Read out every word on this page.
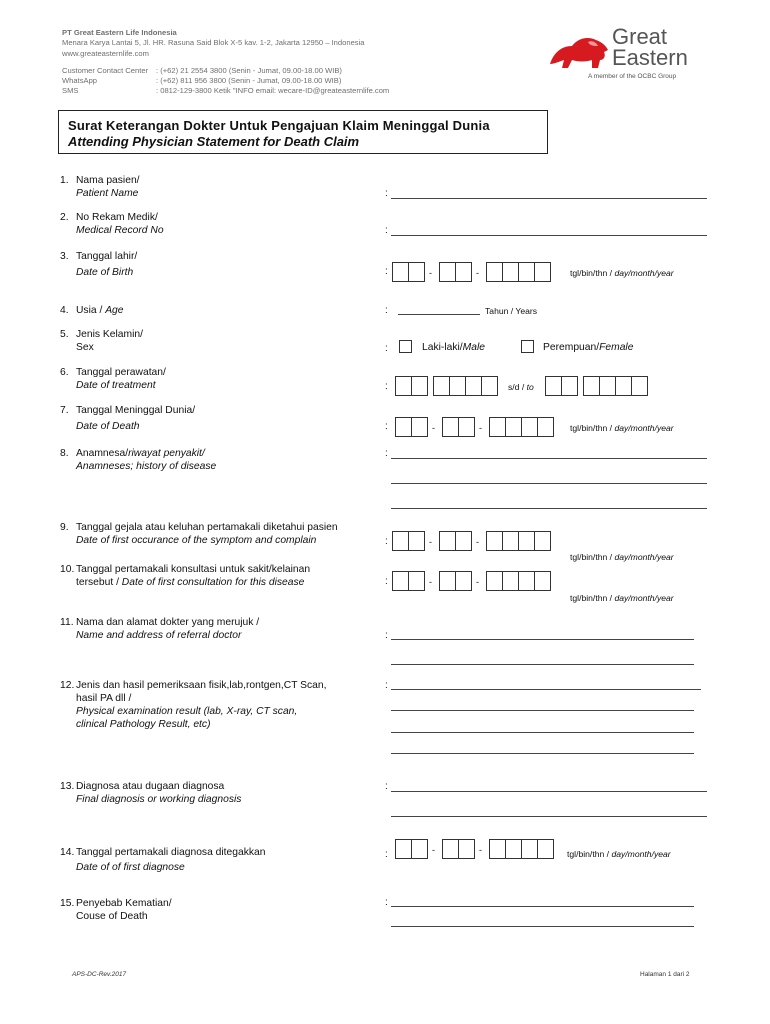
PT Great Eastern Life Indonesia
Menara Karya Lantai 5, Jl. HR. Rasuna Said Blok X-5 kav. 1-2, Jakarta 12950 – Indonesia
www.greateasternlife.com
Customer Contact Center : (+62) 21 2554 3800 (Senin - Jumat, 09.00-18.00 WIB)
WhatsApp	: (+62) 811 956 3800 (Senin - Jumat, 09.00-18.00 WIB)
SMS	: 0812-129-3800 Ketik "INFO email: wecare-ID@greateasternlife.com
Great
Eastern
A member of the OCBC Group
Surat Keterangan Dokter Untuk Pengajuan Klaim Meninggal Dunia
Attending Physician Statement for Death Claim
1. Nama pasien/
Patient Name	:
2. No Rekam Medik/
Medical Record No	:
3. Tanggal lahir/
Date of Birth	:	-	-	tgl/bin/thn / day/month/year
4. Usia / Age	:	Tahun / Years
5. Jenis Kelamin/
Sex	:	Laki-laki/Male	Perempuan/Female
6. Tanggal perawatan/
Date of treatment	:	s/d / to
7. Tanggal Meninggal Dunia/
Date of Death	:	-	-	tgl/bin/thn / day/month/year
8. Anamnesa/riwayat penyakit/
Anamneses; history of disease
:
9. Tanggal gejala atau keluhan pertamakali diketahui pasien
Date of first occurance of the symptom and complain	:	-	-
tgl/bin/thn / day/month/year
10. Tanggal pertamakali konsultasi untuk sakit/kelainan
tersebut / Date of first consultation for this disease	:	-	-
tgl/bin/thn / day/month/year
11. Nama dan alamat dokter yang merujuk /
Name and address of referral doctor	:
12. Jenis dan hasil pemeriksaan fisik,lab,rontgen,CT Scan,
hasil PA dll /
Physical examination result (lab, X-ray, CT scan,
clinical Pathology Result, etc)
:
13. Diagnosa atau dugaan diagnosa
Final diagnosis or working diagnosis
:
14. Tanggal pertamakali diagnosa ditegakkan
Date of of first diagnose
:	-	-	tgl/bin/thn / day/month/year
15. Penyebab Kematian/
Couse of Death
:
APS-DC-Rev.2017	Halaman 1 dari 2
